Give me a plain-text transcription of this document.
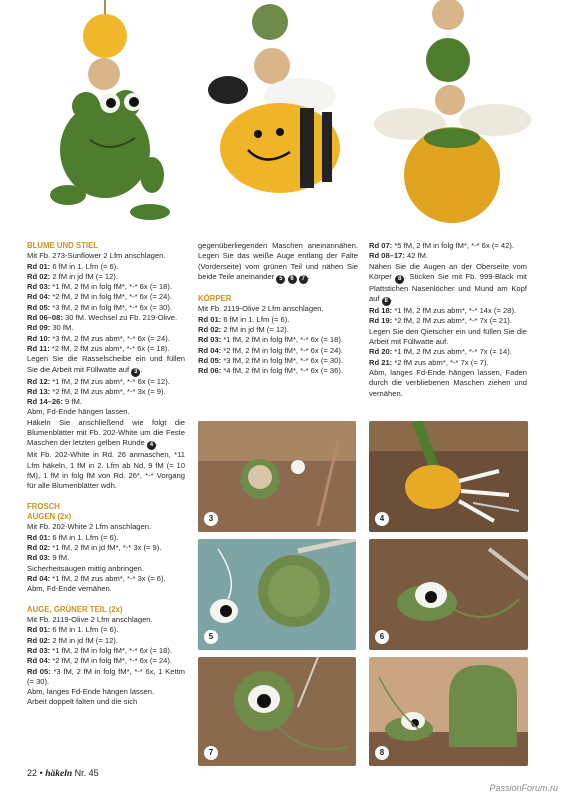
BLUME UND STIEL

Mit Fb. 273-Sunflower 2 Lfm anschlagen.

Rd 01: 6 fM in 1. Lfm (= 6).

Rd 02: 2 fM in jd fM (= 12).

Rd 03: *1 fM, 2 fM in folg fM*, *-* 6x (= 18).

Rd 04: *2 fM, 2 fM in folg fM*, *-* 6x (= 24).

Rd 05: *3 fM, 2 fM in folg fM*, *-* 6x (= 30).

Rd 06–08: 30 fM. Wechsel zu Fb. 219-Olive.

Rd 09: 30 fM.

Rd 10: *3 fM, 2 fM zus abm*, *-* 6x (= 24).

Rd 11: *2 fM, 2 fM zus abm*, *-* 6x (= 18).

Legen Sie die Rasselscheibe ein und füllen Sie die Arbeit mit Füllwatte auf 3 .

Rd 12: *1 fM, 2 fM zus abm*, *-* 6x (= 12).

Rd 13: *2 fM, 2 fM zus abm*, *-* 3x (= 9).

Rd 14–26: 9 fM.

Abm, Fd-Ende hängen lassen.

Häkeln Sie anschließend wie folgt die Blumenblätter mit Fb. 202-White um die Feste Maschen der letzten gelben Runde 4 .

Mit Fb. 202-White in Rd. 26 anmaschen, *11 Lfm häkeln, 1 fM in 2. Lfm ab Nd, 9 fM (= 10 fM), 1 fM in folg fM von Rd. 26*, *-* Vorgang für alle Blumenblätter wdh.

FROSCH

AUGEN (2x)

Mit Fb. 202-White 2 Lfm anschlagen.

Rd 01: 6 fM in 1. Lfm (= 6).

Rd 02: *1 fM, 2 fM in jd fM*, *-* 3x (= 9).

Rd 03: 9 fM.

Sicherheitsaugen mittig anbringen.

Rd 04: *1 fM, 2 fM zus abm*, *-* 3x (= 6).

Abm, Fd-Ende vernähen.

AUGE, GRÜNER TEIL (2x)

Mit Fb. 2119-Olive 2 Lfm anschlagen.

Rd 01: 6 fM in 1. Lfm (= 6).

Rd 02: 2 fM in jd fM (= 12).

Rd 03: *1 fM, 2 fM in folg fM*, *-* 6x (= 18).

Rd 04: *2 fM, 2 fM in folg fM*, *-* 6x (= 24).

Rd 05: *3 fM, 2 fM in folg fM*, *-* 6x, 1 Kettm (= 30).

Abm, langes Fd-Ende hängen lassen.

Arbeit doppelt falten und die sich

gegenüberliegenden Maschen aneinannähen. Legen Sie das weiße Auge entlang der Falte (Vorderseite) vom grünen Teil und nähen Sie beide Teile aneinander 5 6 7 .

KÖRPER

Mit Fb. 2119-Olive 2 Lfm anschlagen.

Rd 01: 6 fM in 1. Lfm (= 6).

Rd 02: 2 fM in jd fM (= 12).

Rd 03: *1 fM, 2 fM in folg fM*, *-* 6x (= 18).

Rd 04: *2 fM, 2 fM in folg fM*, *-* 6x (= 24).

Rd 05: *3 fM, 2 fM in folg fM*, *-* 6x (= 30).

Rd 06: *4 fM, 2 fM in folg fM*, *-* 6x (= 36).

Rd 07: *5 fM, 2 fM in folg fM*, *-* 6x (= 42).

Rd 08–17: 42 fM.

Nähen Sie die Augen an der Oberseite vom Körper 8 . Sticken Sie mit Fb. 999-Black mit Plattstichen Nasenlöcher und Mund am Kopf auf 8 .

Rd 18: *1 fM, 2 fM zus abm*, *-* 14x (= 28).

Rd 19: *2 fM, 2 fM zus abm*, *-* 7x (= 21).

Legen Sie den Qietscher ein und füllen Sie die Arbeit mit Füllwatte auf.

Rd 20: *1 fM, 2 fM zus abm*, *-* 7x (= 14).

Rd 21: *2 fM zus abm*, *-* 7x (= 7).

Abm, langes Fd-Ende hängen lassen, Faden durch die verbliebenen Maschen ziehen und vernähen.

3	4
5	6
7	8
22 • häkeln Nr. 45
PassionForum.ru
